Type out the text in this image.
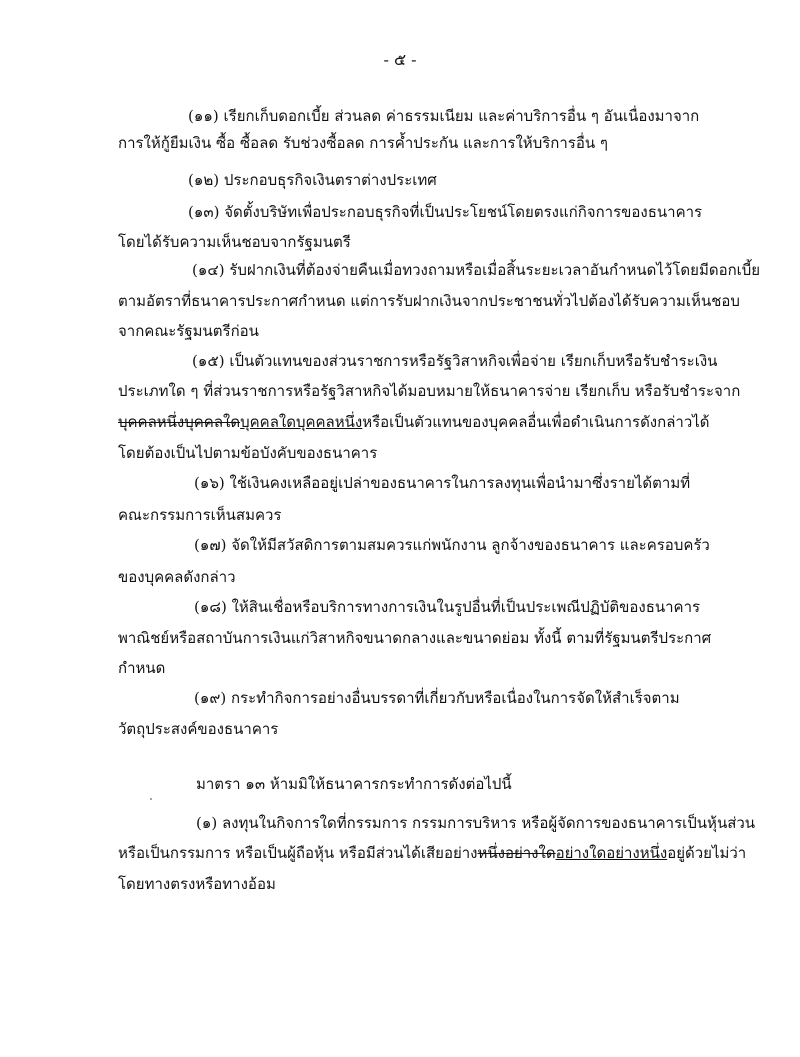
- ๕ -
(๑๑) เรียกเก็บดอกเบี้ย ส่วนลด ค่าธรรมเนียม และค่าบริการอื่น ๆ อันเนื่องมาจาก
การให้กู้ยืมเงิน ซื้อ ซื้อลด รับช่วงซื้อลด การค้ำประกัน และการให้บริการอื่น ๆ
(๑๒) ประกอบธุรกิจเงินตราต่างประเทศ
(๑๓) จัดตั้งบริษัทเพื่อประกอบธุรกิจที่เป็นประโยชน์โดยตรงแก่กิจการของธนาคาร
โดยได้รับความเห็นชอบจากรัฐมนตรี
(๑๔) รับฝากเงินที่ต้องจ่ายคืนเมื่อทวงถามหรือเมื่อสิ้นระยะเวลาอันกำหนดไว้โดยมีดอกเบี้ย
ตามอัตราที่ธนาคารประกาศกำหนด แต่การรับฝากเงินจากประชาชนทั่วไปต้องได้รับความเห็นชอบ
จากคณะรัฐมนตรีก่อน
(๑๕) เป็นตัวแทนของส่วนราชการหรือรัฐวิสาหกิจเพื่อจ่าย เรียกเก็บหรือรับชำระเงิน
ประเภทใด ๆ ที่ส่วนราชการหรือรัฐวิสาหกิจได้มอบหมายให้ธนาคารจ่าย เรียกเก็บ หรือรับชำระจาก
บุคคลหนึ่งบุคคลใดบุคคลใดบุคคลหนึ่งหรือเป็นตัวแทนของบุคคลอื่นเพื่อดำเนินการดังกล่าวได้
โดยต้องเป็นไปตามข้อบังคับของธนาคาร
(๑๖) ใช้เงินคงเหลืออยู่เปล่าของธนาคารในการลงทุนเพื่อนำมาซึ่งรายได้ตามที่
คณะกรรมการเห็นสมควร
(๑๗) จัดให้มีสวัสดิการตามสมควรแก่พนักงาน ลูกจ้างของธนาคาร และครอบครัว
ของบุคคลดังกล่าว
(๑๘) ให้สินเชื่อหรือบริการทางการเงินในรูปอื่นที่เป็นประเพณีปฏิบัติของธนาคาร
พาณิชย์หรือสถาบันการเงินแก่วิสาหกิจขนาดกลางและขนาดย่อม ทั้งนี้ ตามที่รัฐมนตรีประกาศ
กำหนด
(๑๙) กระทำกิจการอย่างอื่นบรรดาที่เกี่ยวกับหรือเนื่องในการจัดให้สำเร็จตาม
วัตถุประสงค์ของธนาคาร
มาตรา ๑๓ ห้ามมิให้ธนาคารกระทำการดังต่อไปนี้
(๑) ลงทุนในกิจการใดที่กรรมการ กรรมการบริหาร หรือผู้จัดการของธนาคารเป็นหุ้นส่วน
หรือเป็นกรรมการ หรือเป็นผู้ถือหุ้น หรือมีส่วนได้เสียอย่างหนึ่งอย่างใดอย่างใดอย่างหนึ่งอยู่ด้วยไม่ว่า
โดยทางตรงหรือทางอ้อม
